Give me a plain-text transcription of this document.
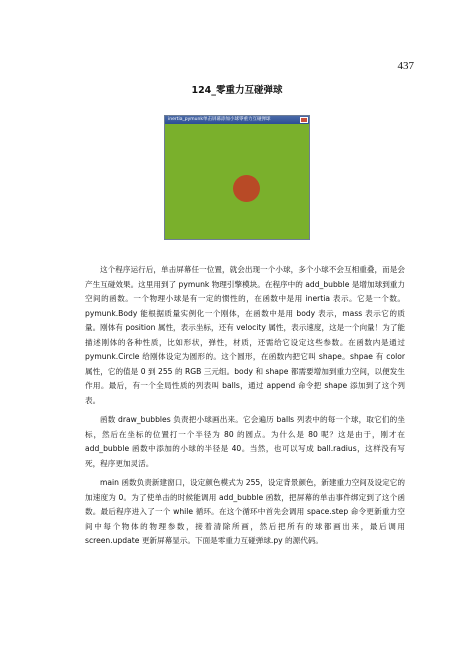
437
124_零重力互碰弹球
inertia_pymunk单击屏幕添加小球零重力互碰弹球

这个程序运行后，单击屏幕任一位置，就会出现一个小球，多个小球不会互相重叠，而是会产生互碰效果。这里用到了 pymunk 物理引擎模块。在程序中的 add_bubble 是增加球到重力空间的函数。一个物理小球是有一定的惯性的，在函数中是用 inertia 表示。它是一个数。pymunk.Body 能根据质量实例化一个刚体，在函数中是用 body 表示，mass 表示它的质量。刚体有 position 属性，表示坐标，还有 velocity 属性，表示速度，这是一个向量！为了能描述刚体的各种性质，比如形状，弹性，材质，还需给它设定这些参数。在函数内是通过 pymunk.Circle 给刚体设定为圆形的。这个圆形，在函数内把它叫 shape。shpae 有 color 属性，它的值是 0 到 255 的 RGB 三元组。body 和 shape 都需要增加到重力空间，以便发生作用。最后，有一个全局性质的列表叫 balls，通过 append 命令把 shape 添加到了这个列表。

函数 draw_bubbles 负责把小球画出来。它会遍历 balls 列表中的每一个球，取它们的坐标，然后在坐标的位置打一个半径为 80 的圆点。为什么是 80 呢？这是由于，刚才在 add_bubble 函数中添加的小球的半径是 40。当然，也可以写成 ball.radius，这样没有写死，程序更加灵活。

main 函数负责新建窗口，设定颜色模式为 255，设定背景颜色，新建重力空间及设定它的加速度为 0。为了使单击的时候能调用 add_bubble 函数，把屏幕的单击事件绑定到了这个函数。最后程序进入了一个 while 循环。在这个循环中首先会调用 space.step 命令更新重力空间中每个物体的物理参数，接着清除所画，然后把所有的球都画出来，最后调用 screen.update 更新屏幕显示。下面是零重力互碰弹球.py 的源代码。
